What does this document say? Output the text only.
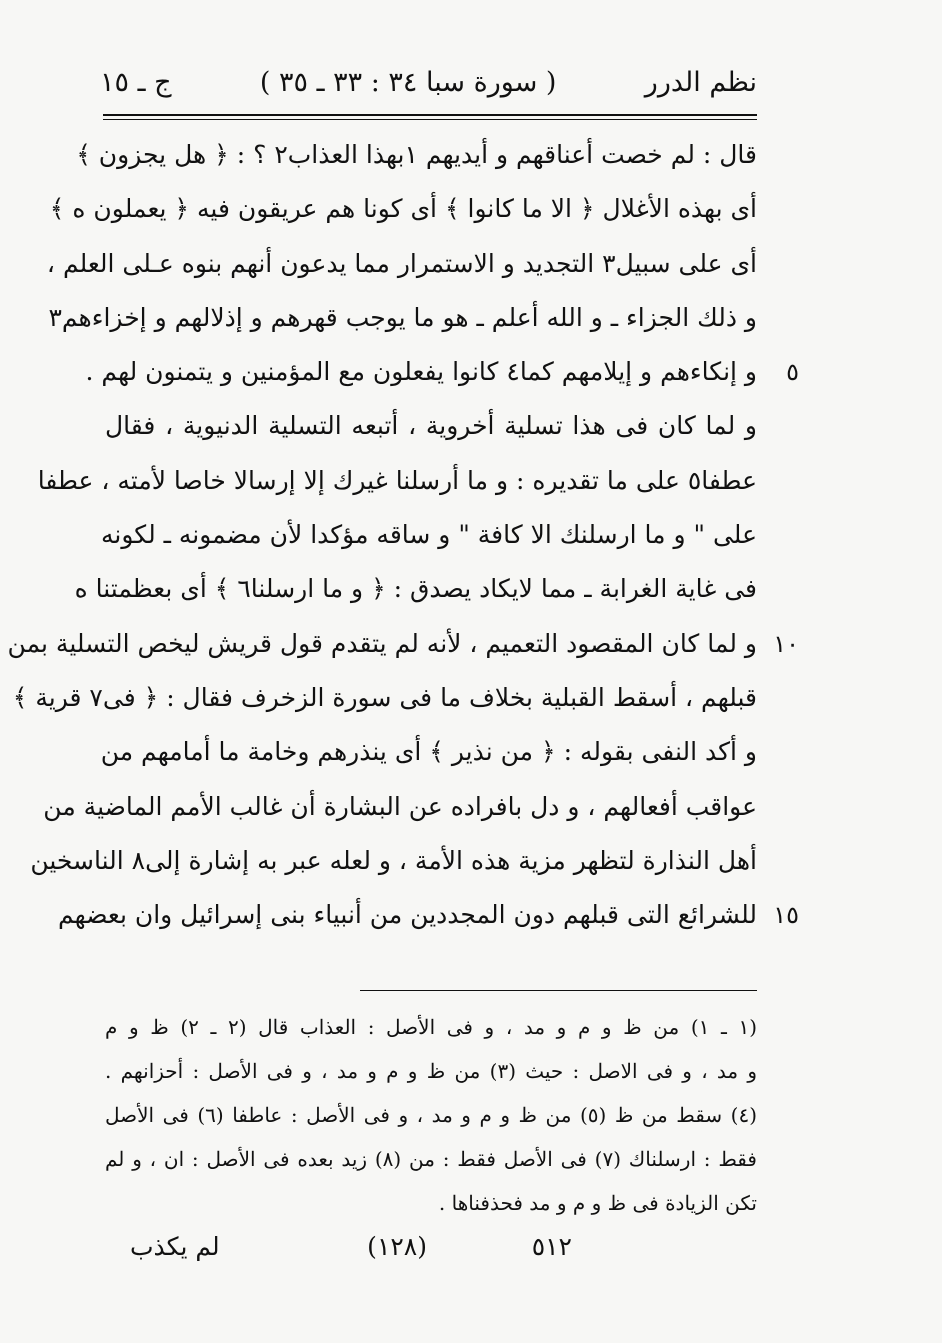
نظم الدرر
( سورة سبا ٣٤ : ٣٣ ـ ٣٥ )
ج ـ ١٥
قال : لم خصت أعناقهم و أيديهم ١بهذا العذاب٢ ؟ : ﴿ هل يجزون ﴾
أى بهذه الأغلال ﴿ الا ما كانوا ﴾ أى كونا هم عريقون فيه ﴿ يعملون ه ﴾
أى على سبيل٣ التجديد و الاستمرار مما يدعون أنهم بنوه عـلى العلم ،
و ذلك الجزاء ـ و الله أعلم ـ هو ما يوجب قهرهم و إذلالهم و إخزاءهم٣
٥
و إنكاءهم و إيلامهم كما٤ كانوا يفعلون مع المؤمنين و يتمنون لهم .
و لما كان فى هذا تسلية أخروية ، أتبعه التسلية الدنيوية ، فقال
عطفا٥ على ما تقديره : و ما أرسلنا غيرك إلا إرسالا خاصا لأمته ، عطفا
على " و ما ارسلنك الا كافة " و ساقه مؤكدا لأن مضمونه ـ لكونه
فى غاية الغرابة ـ مما لايكاد يصدق : ﴿ و ما ارسلنا٦ ﴾ أى بعظمتنا ه
١٠
و لما كان المقصود التعميم ، لأنه لم يتقدم قول قريش ليخص التسلية بمن
قبلهم ، أسقط القبلية بخلاف ما فى سورة الزخرف فقال : ﴿ فى٧ قرية ﴾
و أكد النفى بقوله : ﴿ من نذير ﴾ أى ينذرهم وخامة ما أمامهم من
عواقب أفعالهم ، و دل بافراده عن البشارة أن غالب الأمم الماضية من
أهل النذارة لتظهر مزية هذه الأمة ، و لعله عبر به إشارة إلى٨ الناسخين
١٥
للشرائع التى قبلهم دون المجددين من أنبياء بنى إسرائيل وان بعضهم
(١ ـ ١) من ظ و م و مد ، و فى الأصل : العذاب قال (٢ ـ ٢) ظ و م
و مد ، و فى الاصل : حيث (٣) من ظ و م و مد ، و فى الأصل : أحزانهم .
(٤) سقط من ظ (٥) من ظ و م و مد ، و فى الأصل : عاطفا (٦) فى الأصل
فقط : ارسلناك (٧) فى الأصل فقط : من (٨) زيد بعده فى الأصل : ان ، و لم
تكن الزيادة فى ظ و م و مد فحذفناها .
٥١٢
(١٢٨)
لم يكذب
